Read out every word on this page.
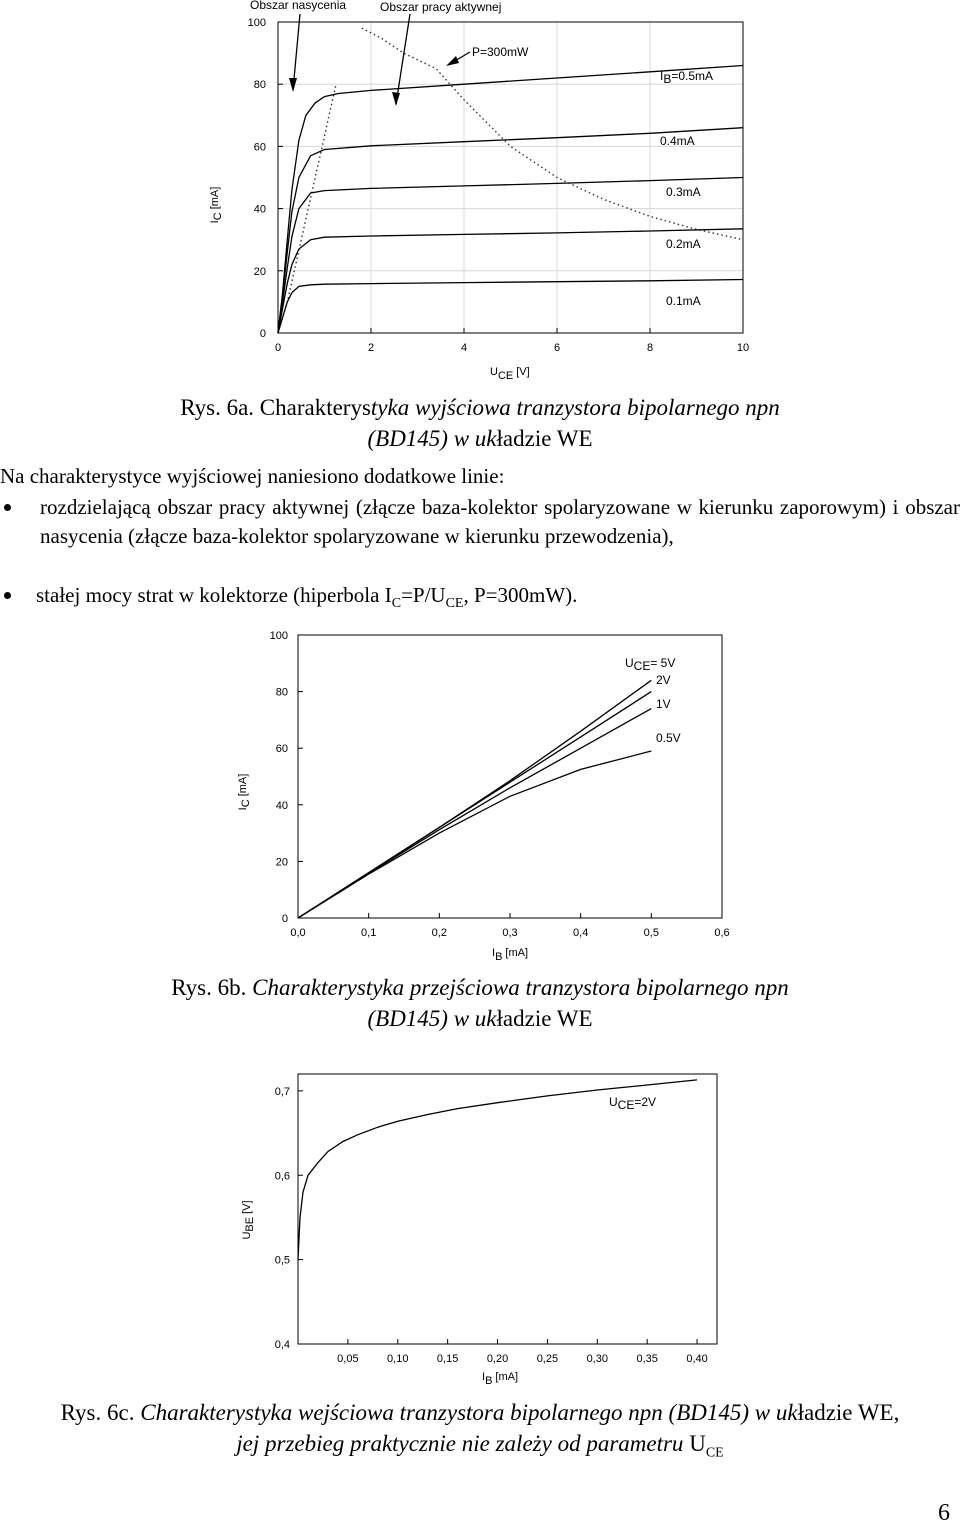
0	2	4	6	8	10
0
20
40
60
80
100
IC[mA]
UCE [V]
Obszar nasycenia	Obszar pracy aktywnej
P=300mW
IB=0.5mA
0.4mA
0.3mA
0.2mA
0.1mA
Rys. 6a. Charakterystyka wyjściowa tranzystora bipolarnego npn
(BD145) w układzie WE
Na charakterystyce wyjściowej naniesiono dodatkowe linie:
rozdzielającą obszar pracy aktywnej (złącze baza-kolektor spolaryzowane w kierunku zaporowym) i obszar nasycenia (złącze baza-kolektor spolaryzowane w kierunku przewodzenia),
stałej mocy strat w kolektorze (hiperbola $I_C=P/U_{CE}$, P=300mW).
0,0	0,1	0,2	0,3	0,4	0,5	0,6
0
20
40
60
80
100
IC[mA]
IB [mA]
UCE= 5V
2V
1V
0.5V
Rys. 6b. Charakterystyka przejściowa tranzystora bipolarnego npn
(BD145) w układzie WE
0,05	0,10	0,15	0,20	0,25	0,30	0,35	0,40
0,4
0,5
0,6
0,7
UBE[V]
IB [mA]
UCE=2V
Rys. 6c. Charakterystyka wejściowa tranzystora bipolarnego npn (BD145) w układzie WE,
jej przebieg praktycznie nie zależy od parametru $U_{CE}$
6
